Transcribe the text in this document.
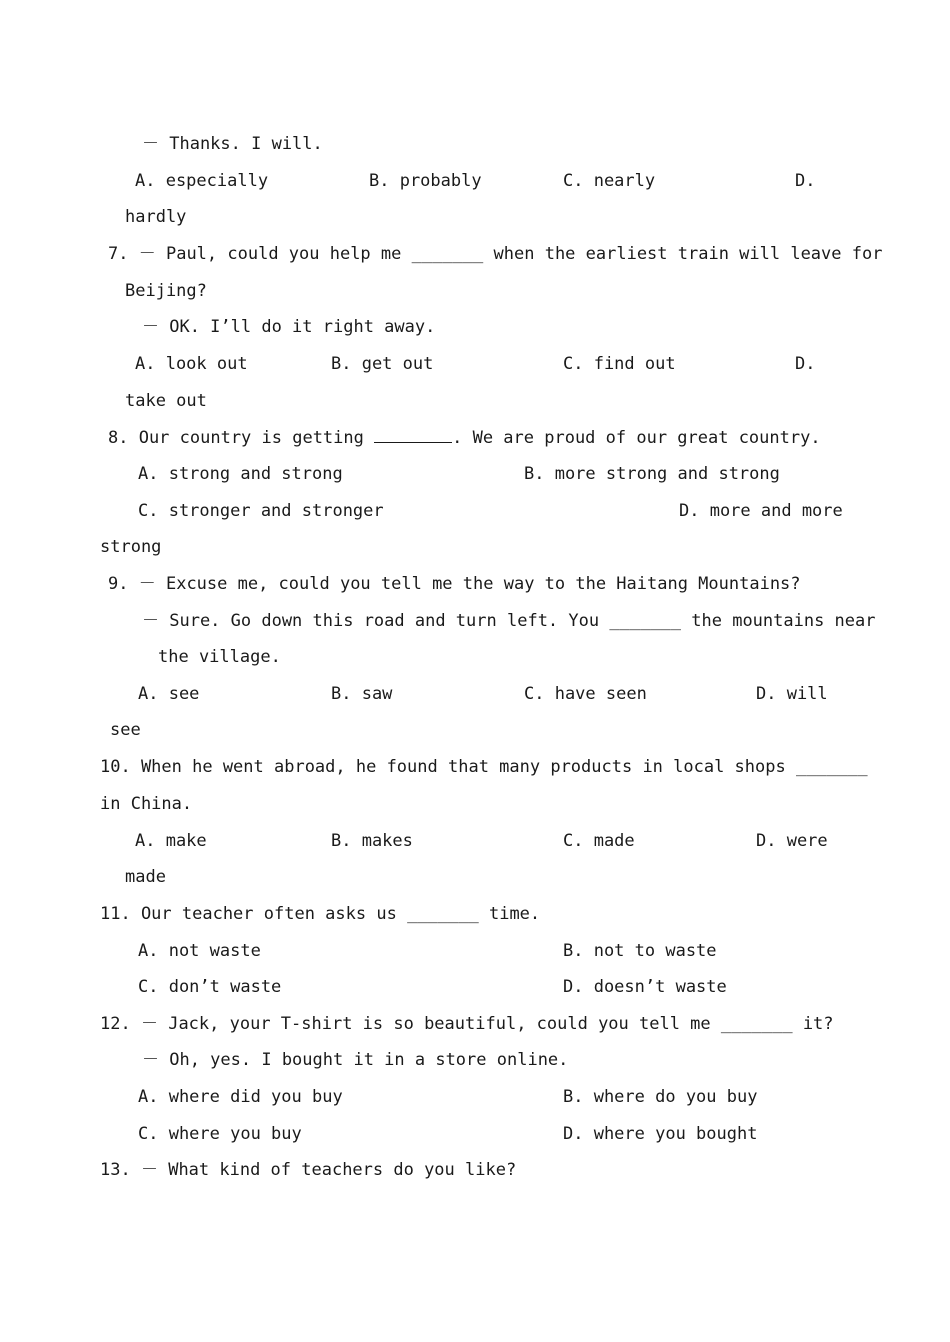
－ Thanks. I will.
A. especially	B. probably	C. nearly	D.
hardly
7. － Paul, could you help me _______ when the earliest train will leave for
Beijing?
－ OK. I’ll do it right away.
A. look out	B. get out	C. find out	D.
take out
8. Our country is getting	. We are proud of our great country.
A. strong and strong	B. more strong and strong
C. stronger and stronger	D. more and more
strong
9. － Excuse me, could you tell me the way to the Haitang Mountains?
－ Sure. Go down this road and turn left. You _______ the mountains near
the village.
A. see	B. saw	C. have seen	D. will
see
10. When he went abroad, he found that many products in local shops _______
in China.
A. make	B. makes	C. made	D. were
made
11. Our teacher often asks us _______ time.
A. not waste	B. not to waste
C. don’t waste	D. doesn’t waste
12. － Jack, your T-shirt is so beautiful, could you tell me _______ it?
－ Oh, yes. I bought it in a store online.
A. where did you buy	B. where do you buy
C. where you buy	D. where you bought
13. － What kind of teachers do you like?
